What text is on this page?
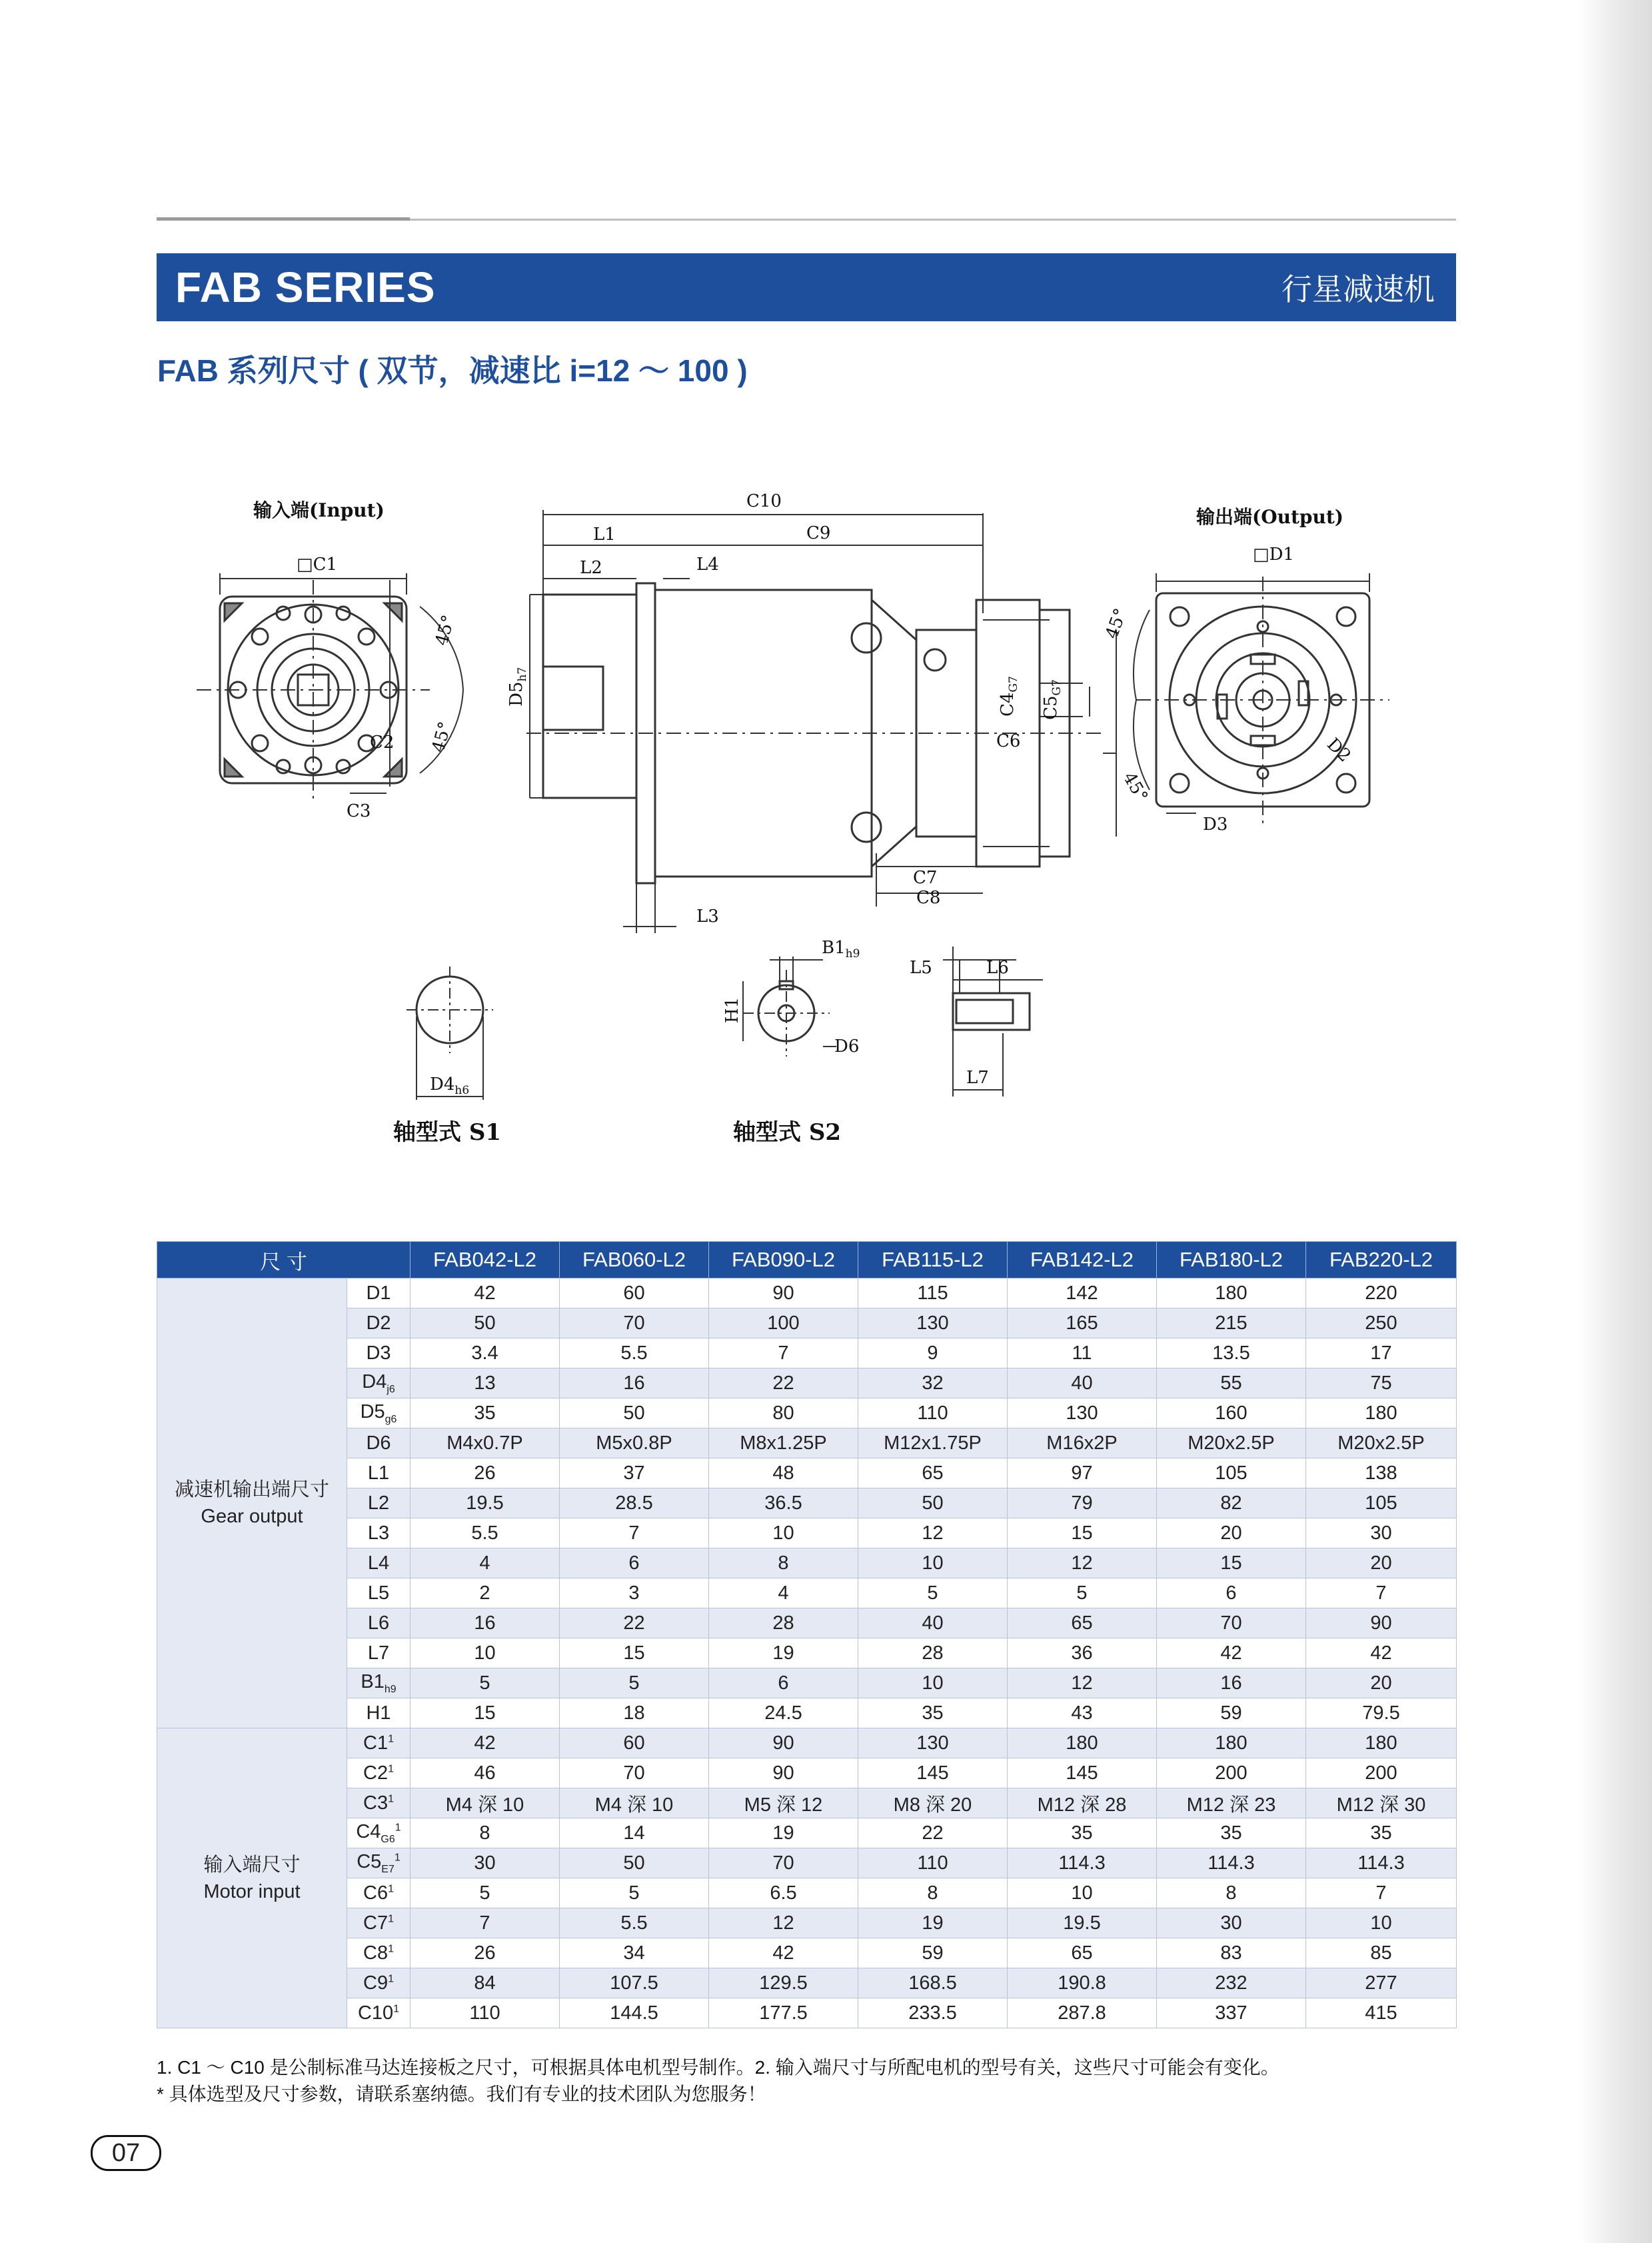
FAB SERIES	行星减速机
FAB 系列尺寸 ( 双节，减速比 i=12 ～ 100 )
输入端(Input)	输出端(Output)
□C1
C2
C3
45°
45°
C10
C9
L1
L2	L4
L3
$D5_{h7}$
$C4_{G7}$
$C5_{G7}$
C6
C7
C8
□D1
D2
D3
45°
45°
$D4_{h6}$
$B1_{h9}$
H1
D6
L5	L6
L7
轴型式 S1	轴型式 S2
尺 寸		FAB042-L2	FAB060-L2	FAB090-L2	FAB115-L2	FAB142-L2	FAB180-L2	FAB220-L2

减速机输出端尺寸
Gear output	D1	42	60	90	115	142	180	220
	D2	50	70	100	130	165	215	250
	D3	3.4	5.5	7	9	11	13.5	17
	$D4_{j6}$	13	16	22	32	40	55	75
	$D5_{g6}$	35	50	80	110	130	160	180
	D6	M4x0.7P	M5x0.8P	M8x1.25P	M12x1.75P	M16x2P	M20x2.5P	M20x2.5P
	L1	26	37	48	65	97	105	138
	L2	19.5	28.5	36.5	50	79	82	105
	L3	5.5	7	10	12	15	20	30
	L4	4	6	8	10	12	15	20
	L5	2	3	4	5	5	6	7
	L6	16	22	28	40	65	70	90
	L7	10	15	19	28	36	42	42
	$B1_{h9}$	5	5	6	10	12	16	20
	H1	15	18	24.5	35	43	59	79.5

输入端尺寸
Motor input	$C1^1$	42	60	90	130	180	180	180
	$C2^1$	46	70	90	145	145	200	200
	$C3^1$	M4 深 10	M4 深 10	M5 深 12	M8 深 20	M12 深 28	M12 深 23	M12 深 30
	$C4_{G6}^1$	8	14	19	22	35	35	35
	$C5_{E7}^1$	30	50	70	110	114.3	114.3	114.3
	$C6^1$	5	5	6.5	8	10	8	7
	$C7^1$	7	5.5	12	19	19.5	30	10
	$C8^1$	26	34	42	59	65	83	85
	$C9^1$	84	107.5	129.5	168.5	190.8	232	277
	$C10^1$	110	144.5	177.5	233.5	287.8	337	415
1. C1 ～ C10 是公制标准马达连接板之尺寸，可根据具体电机型号制作。2. 输入端尺寸与所配电机的型号有关，这些尺寸可能会有变化。
* 具体选型及尺寸参数，请联系塞纳德。我们有专业的技术团队为您服务！
07
